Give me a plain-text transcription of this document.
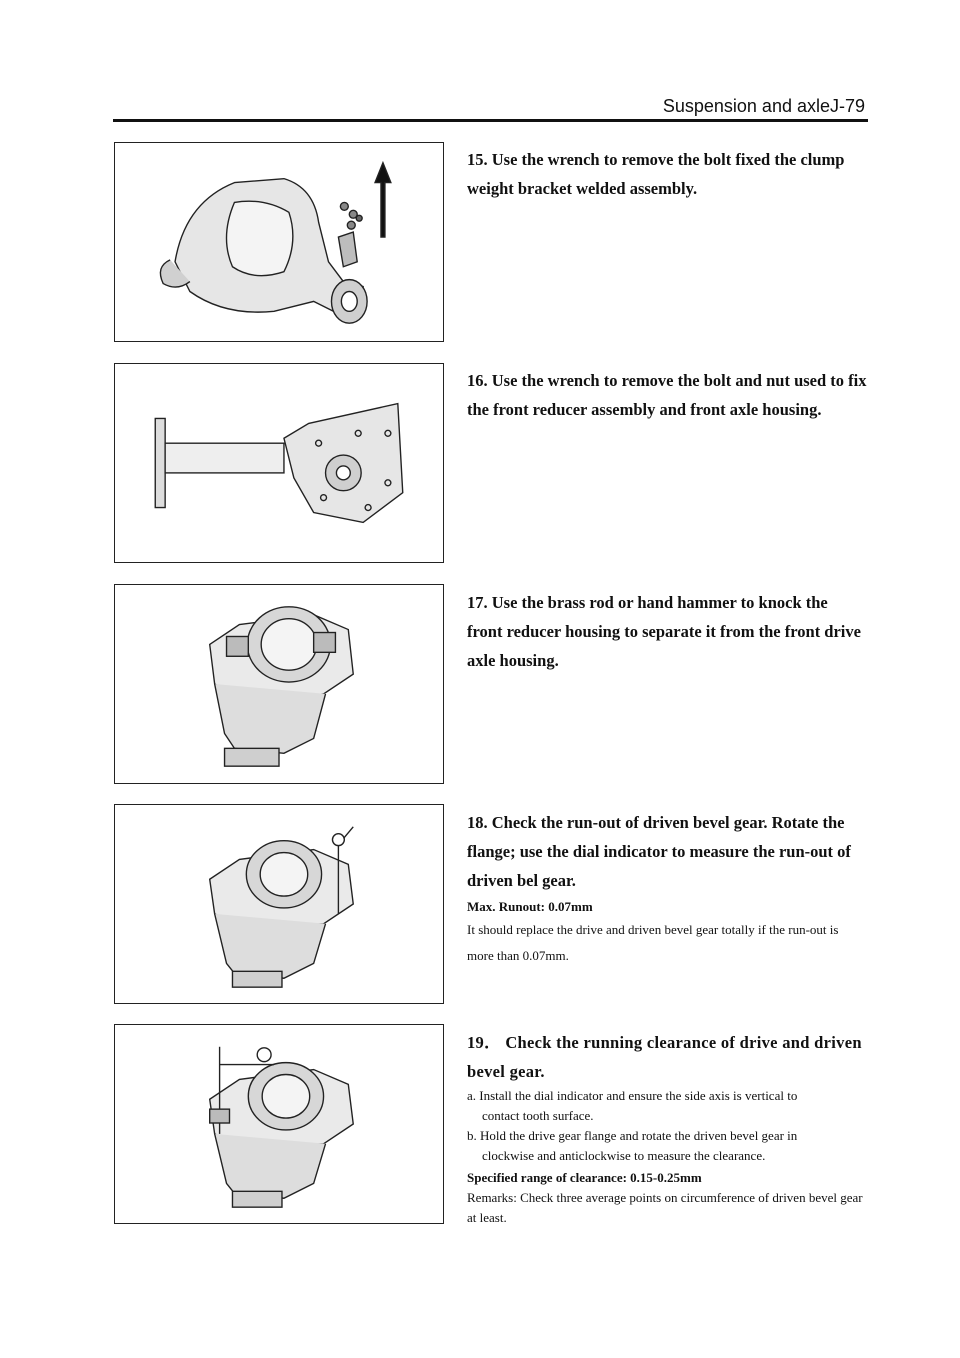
Suspension and axleJ-79

15. Use the wrench to remove the bolt fixed the clump weight bracket welded assembly.

16. Use the wrench to remove the bolt and nut used to fix the front reducer assembly and front axle housing.

17. Use the brass rod or hand hammer to knock the front reducer housing to separate it from the front drive axle housing.

18. Check the run-out of driven bevel gear. Rotate the flange; use the dial indicator to measure the run-out of driven bel gear.

Max. Runout: 0.07mm
It should replace the drive and driven bevel gear totally if the run-out is more than 0.07mm.

19． Check the running clearance of drive and driven bevel gear.

a. Install the dial indicator and ensure the side axis is vertical to
contact tooth surface.
b. Hold the drive gear flange and rotate the driven bevel gear in
clockwise and anticlockwise to measure the clearance.
Specified range of clearance: 0.15-0.25mm
Remarks: Check three average points on circumference of driven bevel gear at least.
